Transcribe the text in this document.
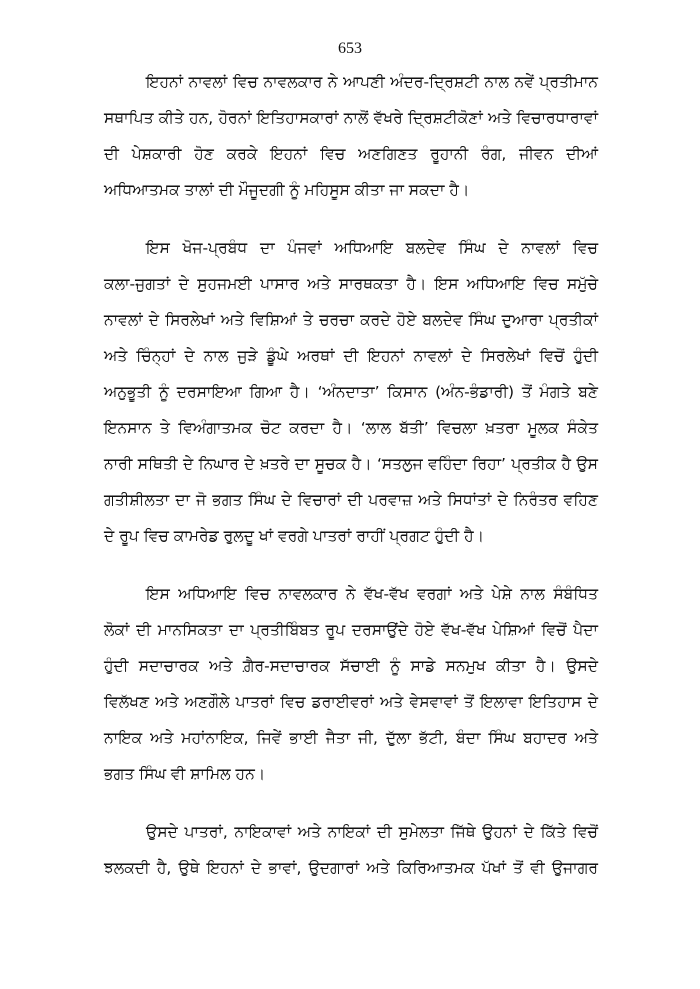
653
ਇਹਨਾਂ ਨਾਵਲਾਂ ਵਿਚ ਨਾਵਲਕਾਰ ਨੇ ਆਪਣੀ ਅੰਦਰ-ਦ੍ਰਿਸ਼ਟੀ ਨਾਲ ਨਵੇਂ ਪ੍ਰਤੀਮਾਨ
ਸਥਾਪਿਤ ਕੀਤੇ ਹਨ, ਹੋਰਨਾਂ ਇਤਿਹਾਸਕਾਰਾਂ ਨਾਲੋਂ ਵੱਖਰੇ ਦ੍ਰਿਸ਼ਟੀਕੋਣਾਂ ਅਤੇ ਵਿਚਾਰਧਾਰਾਵਾਂ
ਦੀ ਪੇਸ਼ਕਾਰੀ ਹੋਣ ਕਰਕੇ ਇਹਨਾਂ ਵਿਚ ਅਣਗਿਣਤ ਰੂਹਾਨੀ ਰੰਗ, ਜੀਵਨ ਦੀਆਂ
ਅਧਿਆਤਮਕ ਤਾਲਾਂ ਦੀ ਮੌਜੂਦਗੀ ਨੂੰ ਮਹਿਸੂਸ ਕੀਤਾ ਜਾ ਸਕਦਾ ਹੈ।
ਇਸ ਖੋਜ-ਪ੍ਰਬੰਧ ਦਾ ਪੰਜਵਾਂ ਅਧਿਆਇ ਬਲਦੇਵ ਸਿੰਘ ਦੇ ਨਾਵਲਾਂ ਵਿਚ
ਕਲਾ-ਜੁਗਤਾਂ ਦੇ ਸੁਹਜਮਈ ਪਾਸਾਰ ਅਤੇ ਸਾਰਥਕਤਾ ਹੈ। ਇਸ ਅਧਿਆਇ ਵਿਚ ਸਮੁੱਚੇ
ਨਾਵਲਾਂ ਦੇ ਸਿਰਲੇਖਾਂ ਅਤੇ ਵਿਸ਼ਿਆਂ ਤੇ ਚਰਚਾ ਕਰਦੇ ਹੋਏ ਬਲਦੇਵ ਸਿੰਘ ਦੁਆਰਾ ਪ੍ਰਤੀਕਾਂ
ਅਤੇ ਚਿੰਨ੍ਹਾਂ ਦੇ ਨਾਲ ਜੁੜੇ ਡੂੰਘੇ ਅਰਥਾਂ ਦੀ ਇਹਨਾਂ ਨਾਵਲਾਂ ਦੇ ਸਿਰਲੇਖਾਂ ਵਿਚੋਂ ਹੁੰਦੀ
ਅਨੁਭੂਤੀ ਨੂੰ ਦਰਸਾਇਆ ਗਿਆ ਹੈ। ‘ਅੰਨਦਾਤਾ’ ਕਿਸਾਨ (ਅੰਨ-ਭੰਡਾਰੀ) ਤੋਂ ਮੰਗਤੇ ਬਣੇ
ਇਨਸਾਨ ਤੇ ਵਿਅੰਗਾਤਮਕ ਚੋਟ ਕਰਦਾ ਹੈ। ‘ਲਾਲ ਬੱਤੀ’ ਵਿਚਲਾ ਖ਼ਤਰਾ ਮੂਲਕ ਸੰਕੇਤ
ਨਾਰੀ ਸਥਿਤੀ ਦੇ ਨਿਘਾਰ ਦੇ ਖ਼ਤਰੇ ਦਾ ਸੂਚਕ ਹੈ। ‘ਸਤਲੁਜ ਵਹਿੰਦਾ ਰਿਹਾ’ ਪ੍ਰਤੀਕ ਹੈ ਉਸ
ਗਤੀਸ਼ੀਲਤਾ ਦਾ ਜੋ ਭਗਤ ਸਿੰਘ ਦੇ ਵਿਚਾਰਾਂ ਦੀ ਪਰਵਾਜ਼ ਅਤੇ ਸਿਧਾਂਤਾਂ ਦੇ ਨਿਰੰਤਰ ਵਹਿਣ
ਦੇ ਰੂਪ ਵਿਚ ਕਾਮਰੇਡ ਰੁਲਦੂ ਖਾਂ ਵਰਗੇ ਪਾਤਰਾਂ ਰਾਹੀਂ ਪ੍ਰਗਟ ਹੁੰਦੀ ਹੈ।
ਇਸ ਅਧਿਆਇ ਵਿਚ ਨਾਵਲਕਾਰ ਨੇ ਵੱਖ-ਵੱਖ ਵਰਗਾਂ ਅਤੇ ਪੇਸ਼ੇ ਨਾਲ ਸੰਬੰਧਿਤ
ਲੋਕਾਂ ਦੀ ਮਾਨਸਿਕਤਾ ਦਾ ਪ੍ਰਤੀਬਿੰਬਤ ਰੂਪ ਦਰਸਾਉਂਦੇ ਹੋਏ ਵੱਖ-ਵੱਖ ਪੇਸ਼ਿਆਂ ਵਿਚੋਂ ਪੈਦਾ
ਹੁੰਦੀ ਸਦਾਚਾਰਕ ਅਤੇ ਗ਼ੈਰ-ਸਦਾਚਾਰਕ ਸੱਚਾਈ ਨੂੰ ਸਾਡੇ ਸਨਮੁਖ ਕੀਤਾ ਹੈ। ਉਸਦੇ
ਵਿਲੱਖਣ ਅਤੇ ਅਣਗੌਲੇ ਪਾਤਰਾਂ ਵਿਚ ਡਰਾਈਵਰਾਂ ਅਤੇ ਵੇਸਵਾਵਾਂ ਤੋਂ ਇਲਾਵਾ ਇਤਿਹਾਸ ਦੇ
ਨਾਇਕ ਅਤੇ ਮਹਾਂਨਾਇਕ, ਜਿਵੇਂ ਭਾਈ ਜੈਤਾ ਜੀ, ਦੁੱਲਾ ਭੱਟੀ, ਬੰਦਾ ਸਿੰਘ ਬਹਾਦਰ ਅਤੇ
ਭਗਤ ਸਿੰਘ ਵੀ ਸ਼ਾਮਿਲ ਹਨ।
ਉਸਦੇ ਪਾਤਰਾਂ, ਨਾਇਕਾਵਾਂ ਅਤੇ ਨਾਇਕਾਂ ਦੀ ਸੁਮੇਲਤਾ ਜਿੱਥੇ ਉਹਨਾਂ ਦੇ ਕਿੱਤੇ ਵਿਚੋਂ
ਝਲਕਦੀ ਹੈ, ਉਥੇ ਇਹਨਾਂ ਦੇ ਭਾਵਾਂ, ਉਦਗਾਰਾਂ ਅਤੇ ਕਿਰਿਆਤਮਕ ਪੱਖਾਂ ਤੋਂ ਵੀ ਉਜਾਗਰ
